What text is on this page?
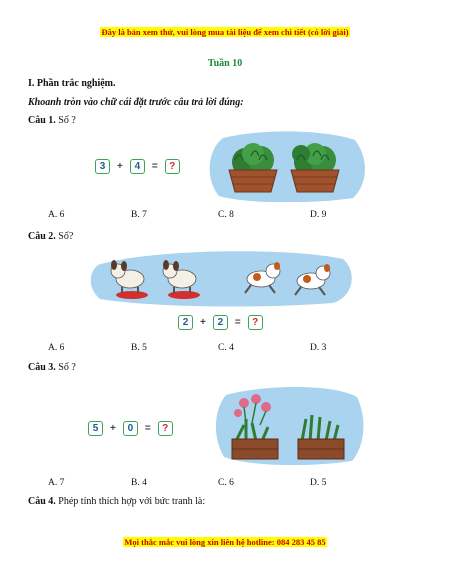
Đây là bản xem thử, vui lòng mua tài liệu để xem chi tiết (có lời giải)
Tuần 10
I. Phần trắc nghiệm.
Khoanh tròn vào chữ cái đặt trước câu trả lời đúng:
Câu 1. Số ?
3	+	4	=	?
A. 6	B. 7	C. 8	D. 9
Câu 2. Số?
2	+	2	=	?
A. 6	B. 5	C. 4	D. 3
Câu 3. Số ?
5	+	0	=	?
A. 7	B. 4	C. 6	D. 5
Câu 4. Phép tính thích hợp với bức tranh là:
Mọi thắc mắc vui lòng xin liên hệ hotline: 084 283 45 85
